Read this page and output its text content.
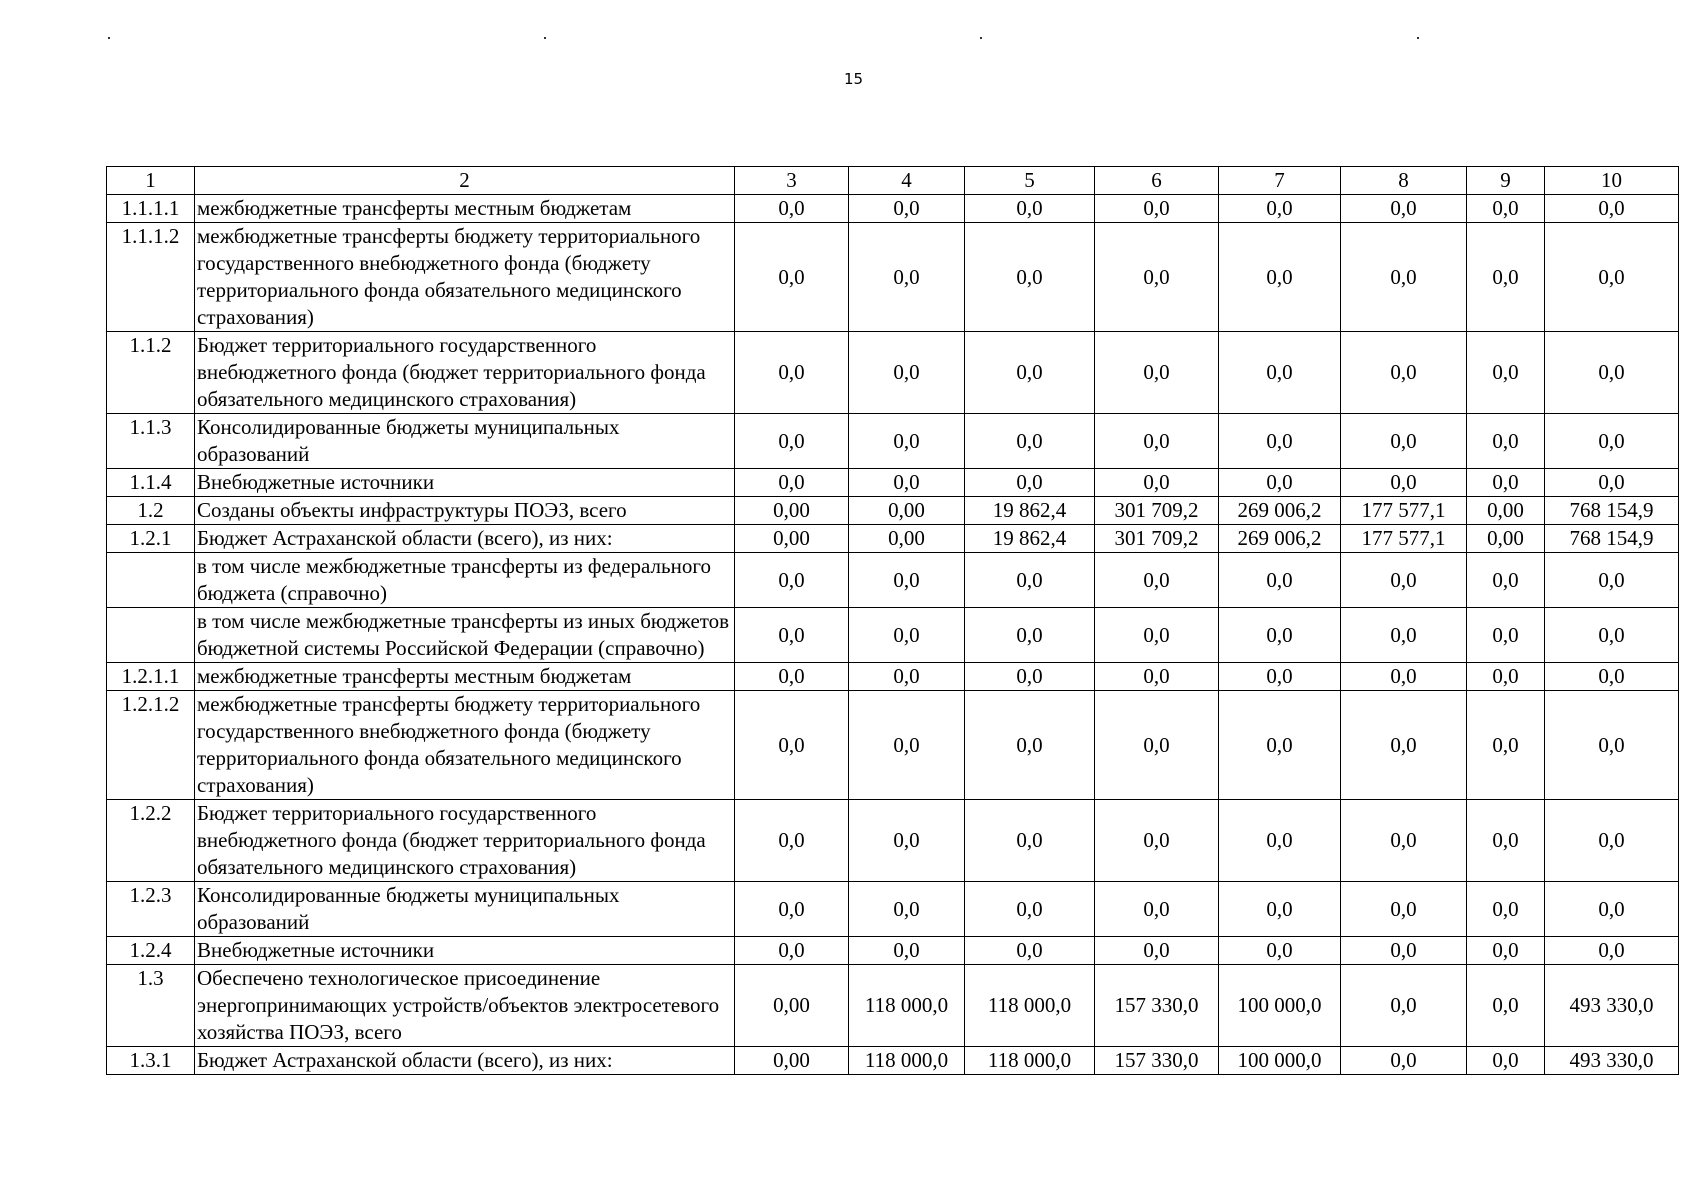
15
1	2	3	4	5	6	7	8	9	10
1.1.1.1	межбюджетные трансферты местным бюджетам	0,0	0,0	0,0	0,0	0,0	0,0	0,0	0,0
1.1.1.2	межбюджетные трансферты бюджету территориального государственного внебюджетного фонда (бюджету территориального фонда обязательного медицинского страхования)	0,0	0,0	0,0	0,0	0,0	0,0	0,0	0,0
1.1.2	Бюджет территориального государственного внебюджетного фонда (бюджет территориального фонда обязательного медицинского страхования)	0,0	0,0	0,0	0,0	0,0	0,0	0,0	0,0
1.1.3	Консолидированные бюджеты муниципальных образований	0,0	0,0	0,0	0,0	0,0	0,0	0,0	0,0
1.1.4	Внебюджетные источники	0,0	0,0	0,0	0,0	0,0	0,0	0,0	0,0
1.2	Созданы объекты инфраструктуры ПОЭЗ, всего	0,00	0,00	19 862,4	301 709,2	269 006,2	177 577,1	0,00	768 154,9
1.2.1	Бюджет Астраханской области (всего), из них:	0,00	0,00	19 862,4	301 709,2	269 006,2	177 577,1	0,00	768 154,9
	в том числе межбюджетные трансферты из федерального бюджета (справочно)	0,0	0,0	0,0	0,0	0,0	0,0	0,0	0,0
	в том числе межбюджетные трансферты из иных бюджетов бюджетной системы Российской Федерации (справочно)	0,0	0,0	0,0	0,0	0,0	0,0	0,0	0,0
1.2.1.1	межбюджетные трансферты местным бюджетам	0,0	0,0	0,0	0,0	0,0	0,0	0,0	0,0
1.2.1.2	межбюджетные трансферты бюджету территориального государственного внебюджетного фонда (бюджету территориального фонда обязательного медицинского страхования)	0,0	0,0	0,0	0,0	0,0	0,0	0,0	0,0
1.2.2	Бюджет территориального государственного внебюджетного фонда (бюджет территориального фонда обязательного медицинского страхования)	0,0	0,0	0,0	0,0	0,0	0,0	0,0	0,0
1.2.3	Консолидированные бюджеты муниципальных образований	0,0	0,0	0,0	0,0	0,0	0,0	0,0	0,0
1.2.4	Внебюджетные источники	0,0	0,0	0,0	0,0	0,0	0,0	0,0	0,0
1.3	Обеспечено технологическое присоединение энергопринимающих устройств/объектов электросетевого хозяйства ПОЭЗ, всего	0,00	118 000,0	118 000,0	157 330,0	100 000,0	0,0	0,0	493 330,0
1.3.1	Бюджет Астраханской области (всего), из них:	0,00	118 000,0	118 000,0	157 330,0	100 000,0	0,0	0,0	493 330,0
